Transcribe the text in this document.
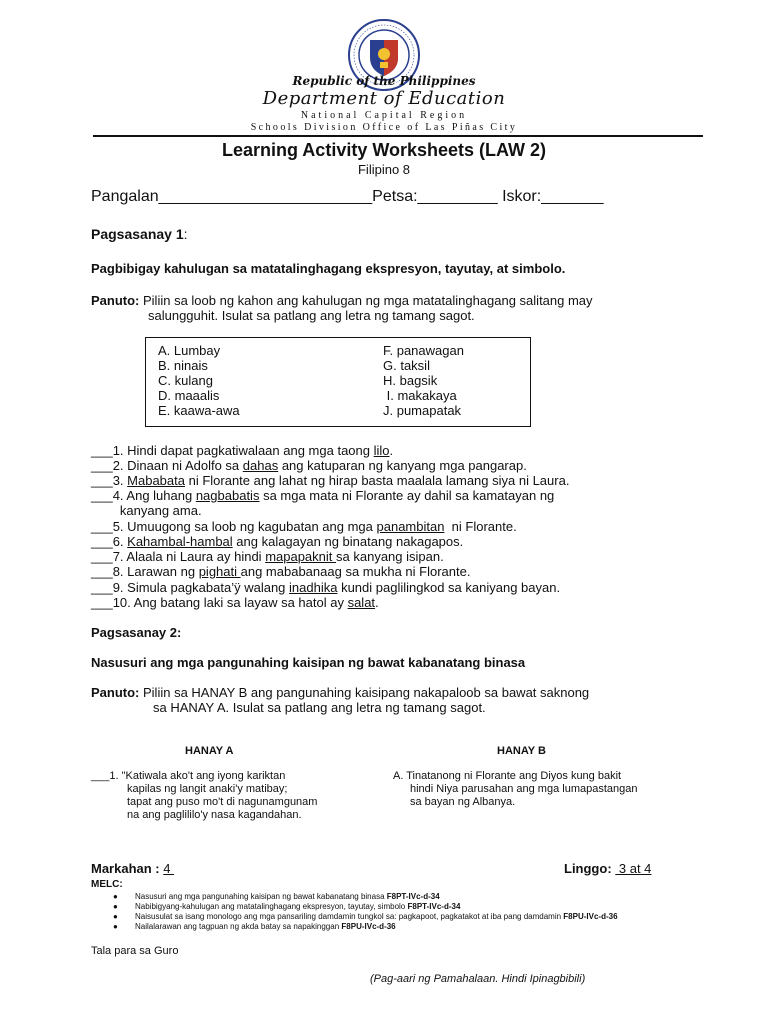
Republic of the Philippines
Department of Education
National Capital Region
Schools Division Office of Las Piñas City
Learning Activity Worksheets (LAW 2)
Filipino 8
Pangalan________________________Petsa:_________ Iskor:_______
Pagsasanay 1:
Pagbibigay kahulugan sa matatalinghagang ekspresyon, tayutay, at simbolo.
Panuto: Piliin sa loob ng kahon ang kahulugan ng mga matatalinghagang salitang may
salungguhit. Isulat sa patlang ang letra ng tamang sagot.
A. Lumbay
B. ninais
C. kulang
D. maaalis
E. kaawa-awa
F. panawagan
G. taksil
H. bagsik
I. makakaya
J. pumapatak
___1. Hindi dapat pagkatiwalaan ang mga taong lilo.
___2. Dinaan ni Adolfo sa dahas ang katuparan ng kanyang mga pangarap.
___3. Mababata ni Florante ang lahat ng hirap basta maalala lamang siya ni Laura.
___4. Ang luhang nagbabatis sa mga mata ni Florante ay dahil sa kamatayan ng
kanyang ama.
___5. Umuugong sa loob ng kagubatan ang mga panambitan  ni Florante.
___6. Kahambal-hambal ang kalagayan ng binatang nakagapos.
___7. Alaala ni Laura ay hindi mapapaknit sa kanyang isipan.
___8. Larawan ng pighati ang mababanaag sa mukha ni Florante.
___9. Simula pagkabata’ÿ walang inadhika kundi paglilingkod sa kaniyang bayan.
___10. Ang batang laki sa layaw sa hatol ay salat.
Pagsasanay 2:
Nasusuri ang mga pangunahing kaisipan ng bawat kabanatang binasa
Panuto: Piliin sa HANAY B ang pangunahing kaisipang nakapaloob sa bawat saknong
sa HANAY A. Isulat sa patlang ang letra ng tamang sagot.
HANAY A	HANAY B
___1. "Katiwala ako't ang iyong kariktan
kapilas ng langit anaki'y matibay;
tapat ang puso mo't di nagunamgunam
na ang paglililo'y nasa kagandahan.
A. Tinatanong ni Florante ang Diyos kung bakit
hindi Niya parusahan ang mga lumapastangan
sa bayan ng Albanya.
Markahan : 4	Linggo:  3 at 4
MELC:
● Nasusuri ang mga pangunahing kaisipan ng bawat kabanatang binasa F8PT-IVc-d-34
● Nabibigyang-kahulugan ang matatalinghagang ekspresyon, tayutay, simbolo F8PT-IVc-d-34
● Naisusulat sa isang monologo ang mga pansariling damdamin tungkol sa: pagkapoot, pagkatakot at iba pang damdamin F8PU-IVc-d-36
● Nailalarawan ang tagpuan ng akda batay sa napakinggan F8PU-IVc-d-36
Tala para sa Guro
(Pag-aari ng Pamahalaan. Hindi Ipinagbibili)
